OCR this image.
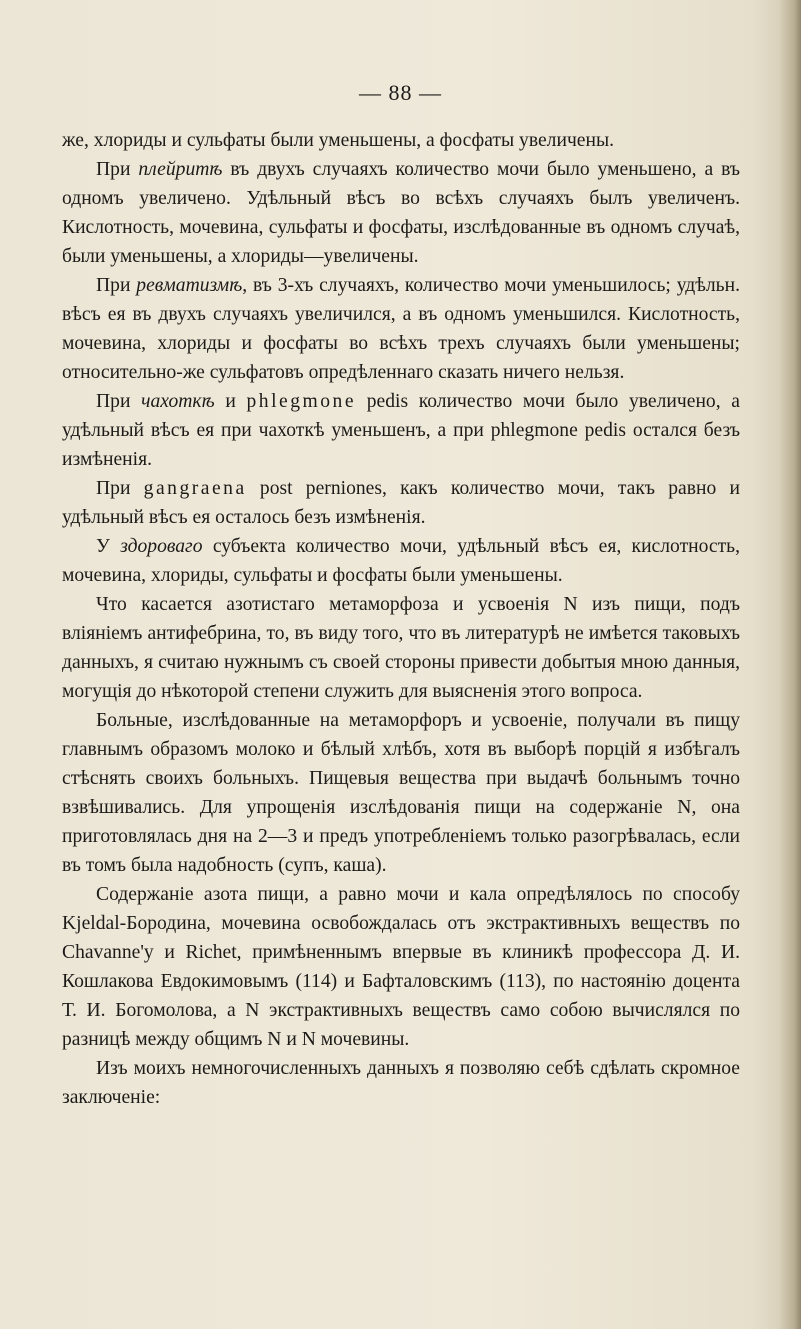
— 88 —

же, хлориды и сульфаты были уменьшены, а фосфаты увеличены.

При плейритѣ въ двухъ случаяхъ количество мочи было уменьшено, а въ одномъ увеличено. Удѣльный вѣсъ во всѣхъ случаяхъ былъ увеличенъ. Кислотность, мочевина, сульфаты и фосфаты, изслѣдованные въ одномъ случаѣ, были уменьшены, а хлориды—увеличены.

При ревматизмѣ, въ 3-хъ случаяхъ, количество мочи уменьшилось; удѣльн. вѣсъ ея въ двухъ случаяхъ увеличился, а въ одномъ уменьшился. Кислотность, мочевина, хлориды и фосфаты во всѣхъ трехъ случаяхъ были уменьшены; относительно-же сульфатовъ опредѣленнаго сказать ничего нельзя.

При чахоткѣ и phlegmone pedis количество мочи было увеличено, а удѣльный вѣсъ ея при чахоткѣ уменьшенъ, а при phlegmone pedis остался безъ измѣненія.

При gangraena post perniones, какъ количество мочи, такъ равно и удѣльный вѣсъ ея осталось безъ измѣненія.

У здороваго субъекта количество мочи, удѣльный вѣсъ ея, кислотность, мочевина, хлориды, сульфаты и фосфаты были уменьшены.

Что касается азотистаго метаморфоза и усвоенія N изъ пищи, подъ вліяніемъ антифебрина, то, въ виду того, что въ литературѣ не имѣется таковыхъ данныхъ, я считаю нужнымъ съ своей стороны привести добытыя мною данныя, могущія до нѣкоторой степени служить для выясненія этого вопроса.

Больные, изслѣдованные на метаморфоръ и усвоеніе, получали въ пищу главнымъ образомъ молоко и бѣлый хлѣбъ, хотя въ выборѣ порцій я избѣгалъ стѣснять своихъ больныхъ. Пищевыя вещества при выдачѣ больнымъ точно взвѣшивались. Для упрощенія изслѣдованія пищи на содержаніе N, она приготовлялась дня на 2—3 и предъ употребленіемъ только разогрѣвалась, если въ томъ была надобность (супъ, каша).

Содержаніе азота пищи, а равно мочи и кала опредѣлялось по способу Kjeldal-Бородина, мочевина освобождалась отъ экстрактивныхъ веществъ по Chavanne'у и Richet, примѣненнымъ впервые въ клиникѣ профессора Д. И. Кошлакова Евдокимовымъ (114) и Бафталовскимъ (113), по настоянію доцента Т. И. Богомолова, а N экстрактивныхъ веществъ само собою вычислялся по разницѣ между общимъ N и N мочевины.

Изъ моихъ немногочисленныхъ данныхъ я позволяю себѣ сдѣлать скромное заключеніе:
